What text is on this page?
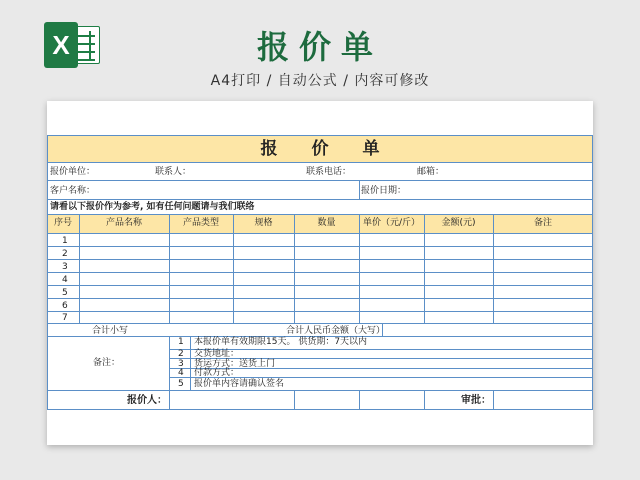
X	报价单
A4打印 / 自动公式 / 内容可修改
报　　价　　单
报价单位：	联系人：	联系电话：	邮箱：
客户名称：	报价日期：
请看以下报价作为参考, 如有任何问题请与我们联络
序号	产品名称	产品类型	规格	数量	单价（元/斤）	金额(元)	备注
1
2
3
4
5
6
7
合计小写	合计人民币金额（大写）
备注：
1 本报价单有效期限15天。 供货期：7天以内
2 交货地址：
3 货运方式：送货上门
4 付款方式：
5 报价单内容请确认签名
报价人：	审批：
